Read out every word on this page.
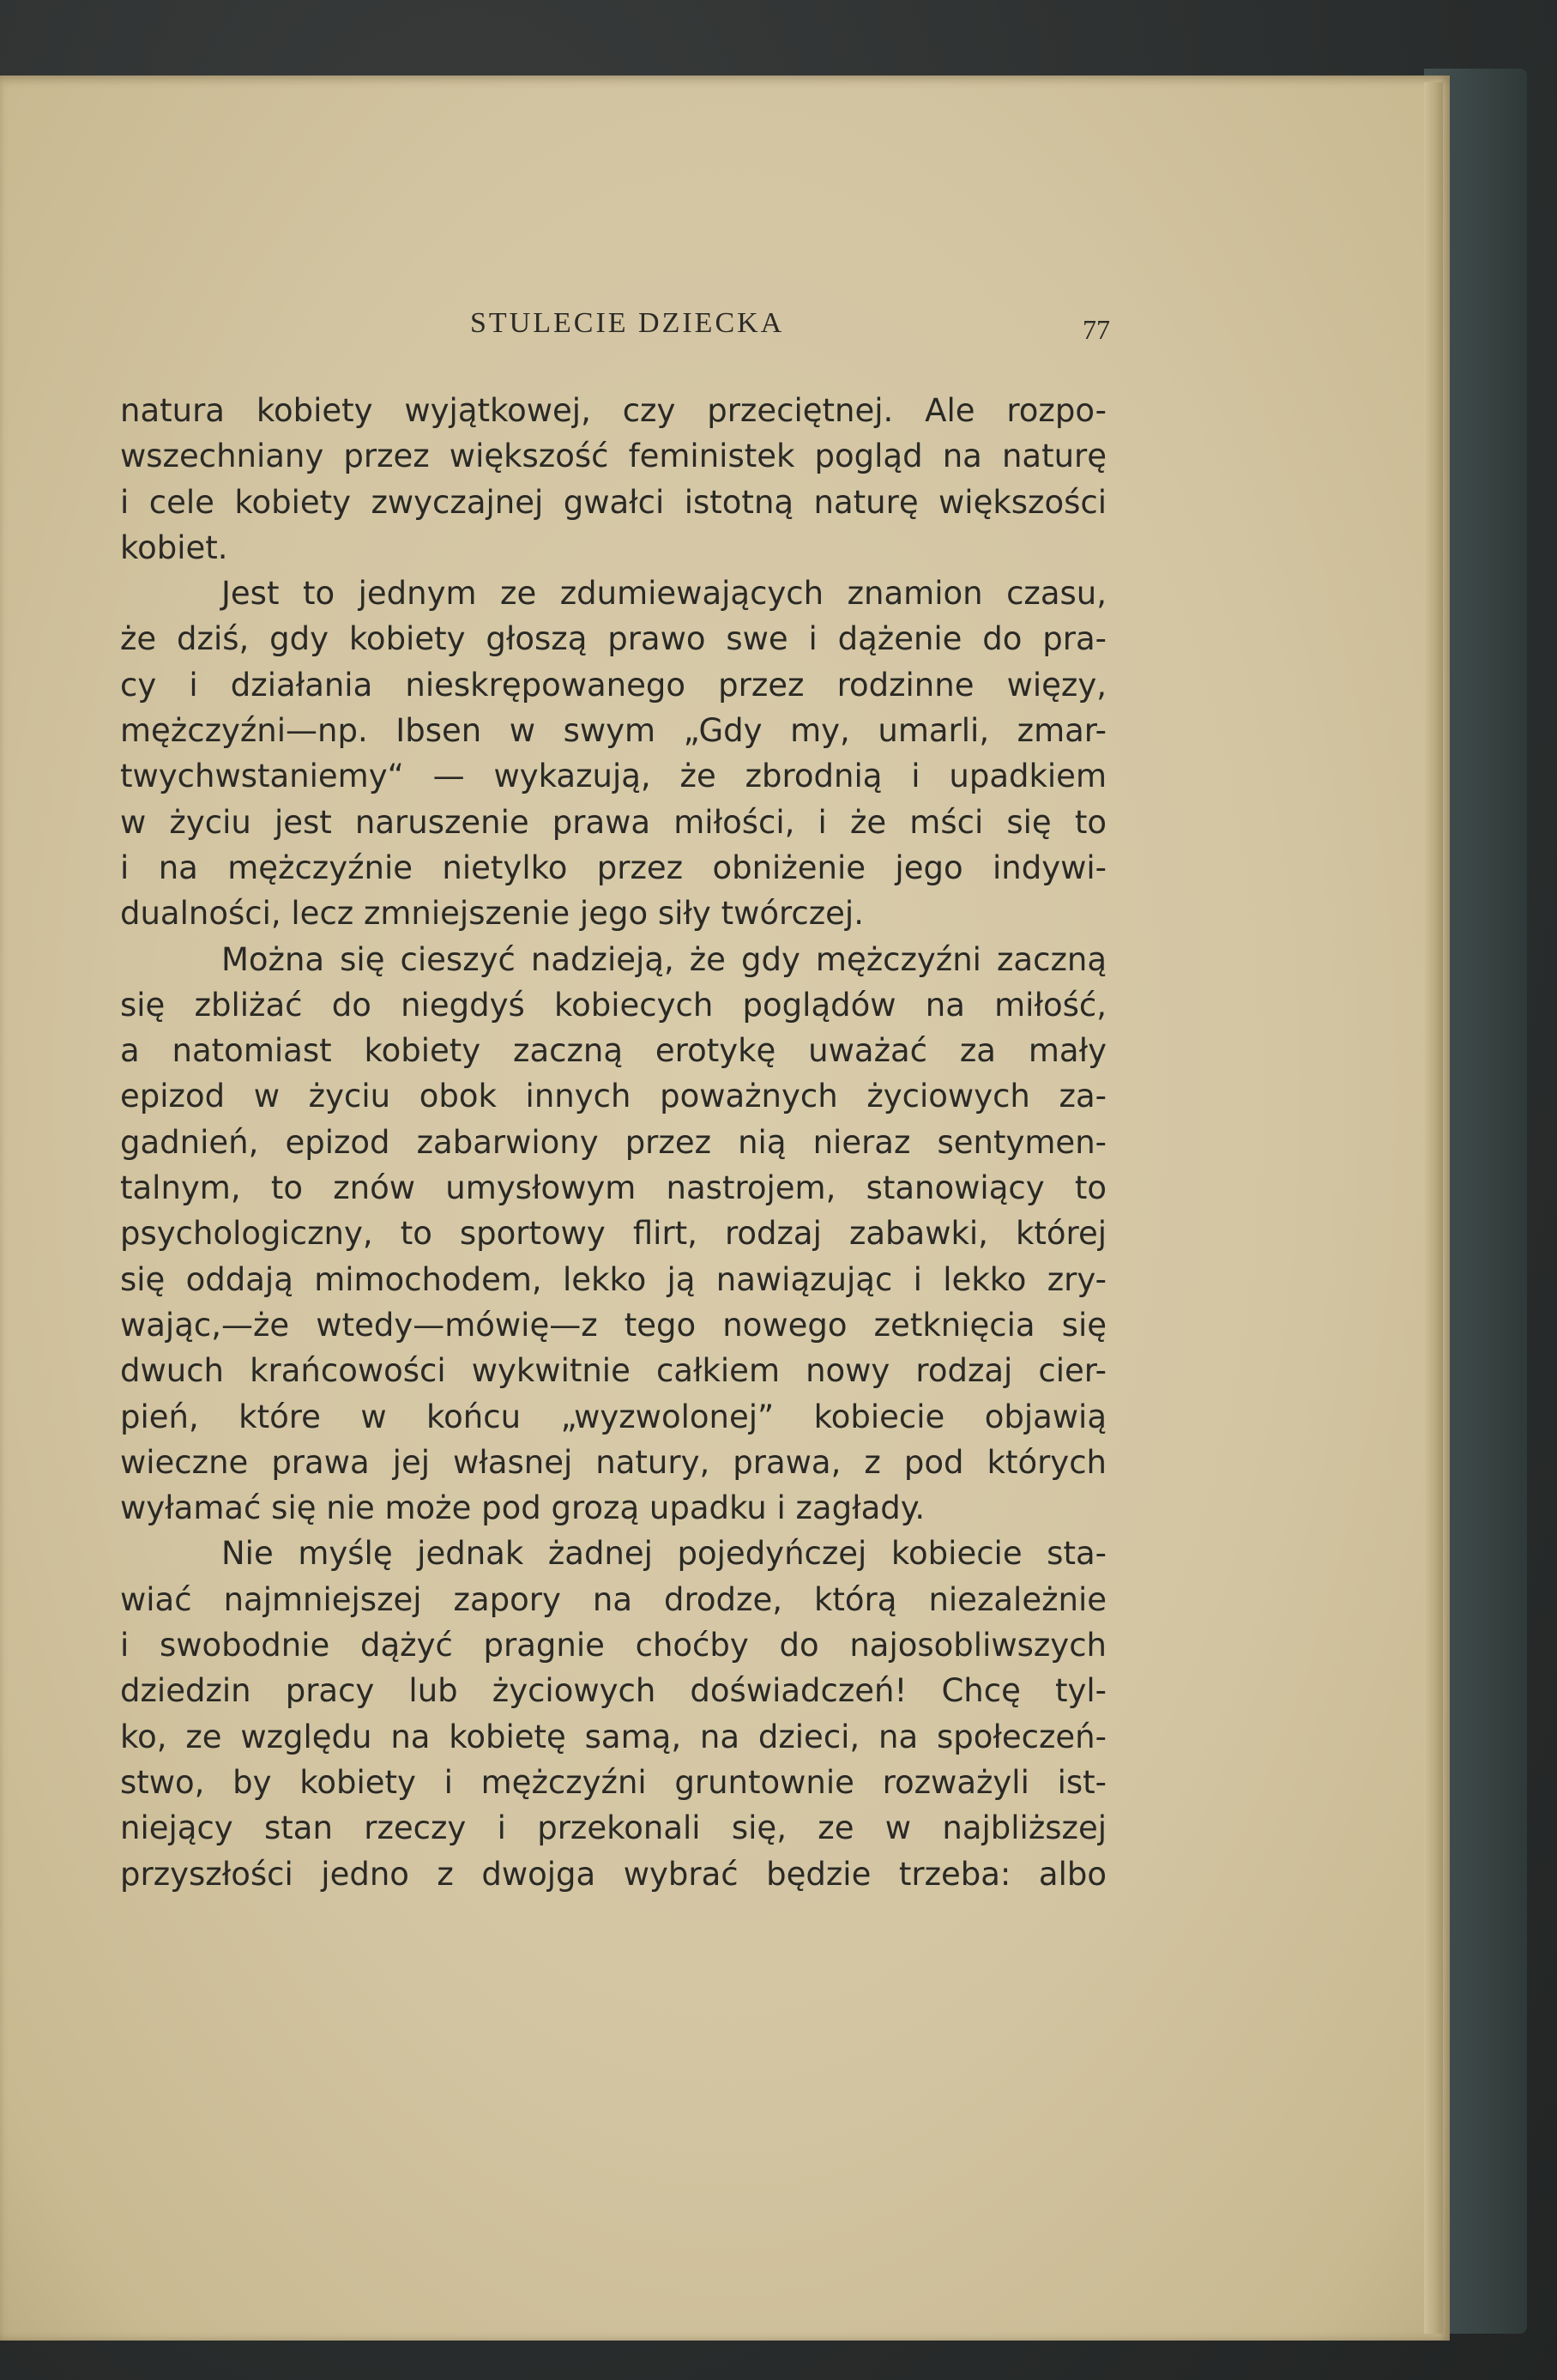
STULECIE DZIECKA	77
natura kobiety wyjątkowej, czy przeciętnej. Ale rozpo-
wszechniany przez większość feministek pogląd na naturę
i cele kobiety zwyczajnej gwałci istotną naturę większości
kobiet.
Jest to jednym ze zdumiewających znamion czasu,
że dziś, gdy kobiety głoszą prawo swe i dążenie do pra-
cy i działania nieskrępowanego przez rodzinne więzy,
mężczyźni—np. Ibsen w swym „Gdy my, umarli, zmar-
twychwstaniemy“ — wykazują, że zbrodnią i upadkiem
w życiu jest naruszenie prawa miłości, i że mści się to
i na mężczyźnie nietylko przez obniżenie jego indywi-
dualności, lecz zmniejszenie jego siły twórczej.
Można się cieszyć nadzieją, że gdy mężczyźni zaczną
się zbliżać do niegdyś kobiecych poglądów na miłość,
a natomiast kobiety zaczną erotykę uważać za mały
epizod w życiu obok innych poważnych życiowych za-
gadnień, epizod zabarwiony przez nią nieraz sentymen-
talnym, to znów umysłowym nastrojem, stanowiący to
psychologiczny, to sportowy flirt, rodzaj zabawki, której
się oddają mimochodem, lekko ją nawiązując i lekko zry-
wając,—że wtedy—mówię—z tego nowego zetknięcia się
dwuch krańcowości wykwitnie całkiem nowy rodzaj cier-
pień, które w końcu „wyzwolonej” kobiecie objawią
wieczne prawa jej własnej natury, prawa, z pod których
wyłamać się nie może pod grozą upadku i zagłady.
Nie myślę jednak żadnej pojedyńczej kobiecie sta-
wiać najmniejszej zapory na drodze, którą niezależnie
i swobodnie dążyć pragnie choćby do najosobliwszych
dziedzin pracy lub życiowych doświadczeń! Chcę tyl-
ko, ze względu na kobietę samą, na dzieci, na społeczeń-
stwo, by kobiety i mężczyźni gruntownie rozważyli ist-
niejący stan rzeczy i przekonali się, ze w najbliższej
przyszłości jedno z dwojga wybrać będzie trzeba: albo
